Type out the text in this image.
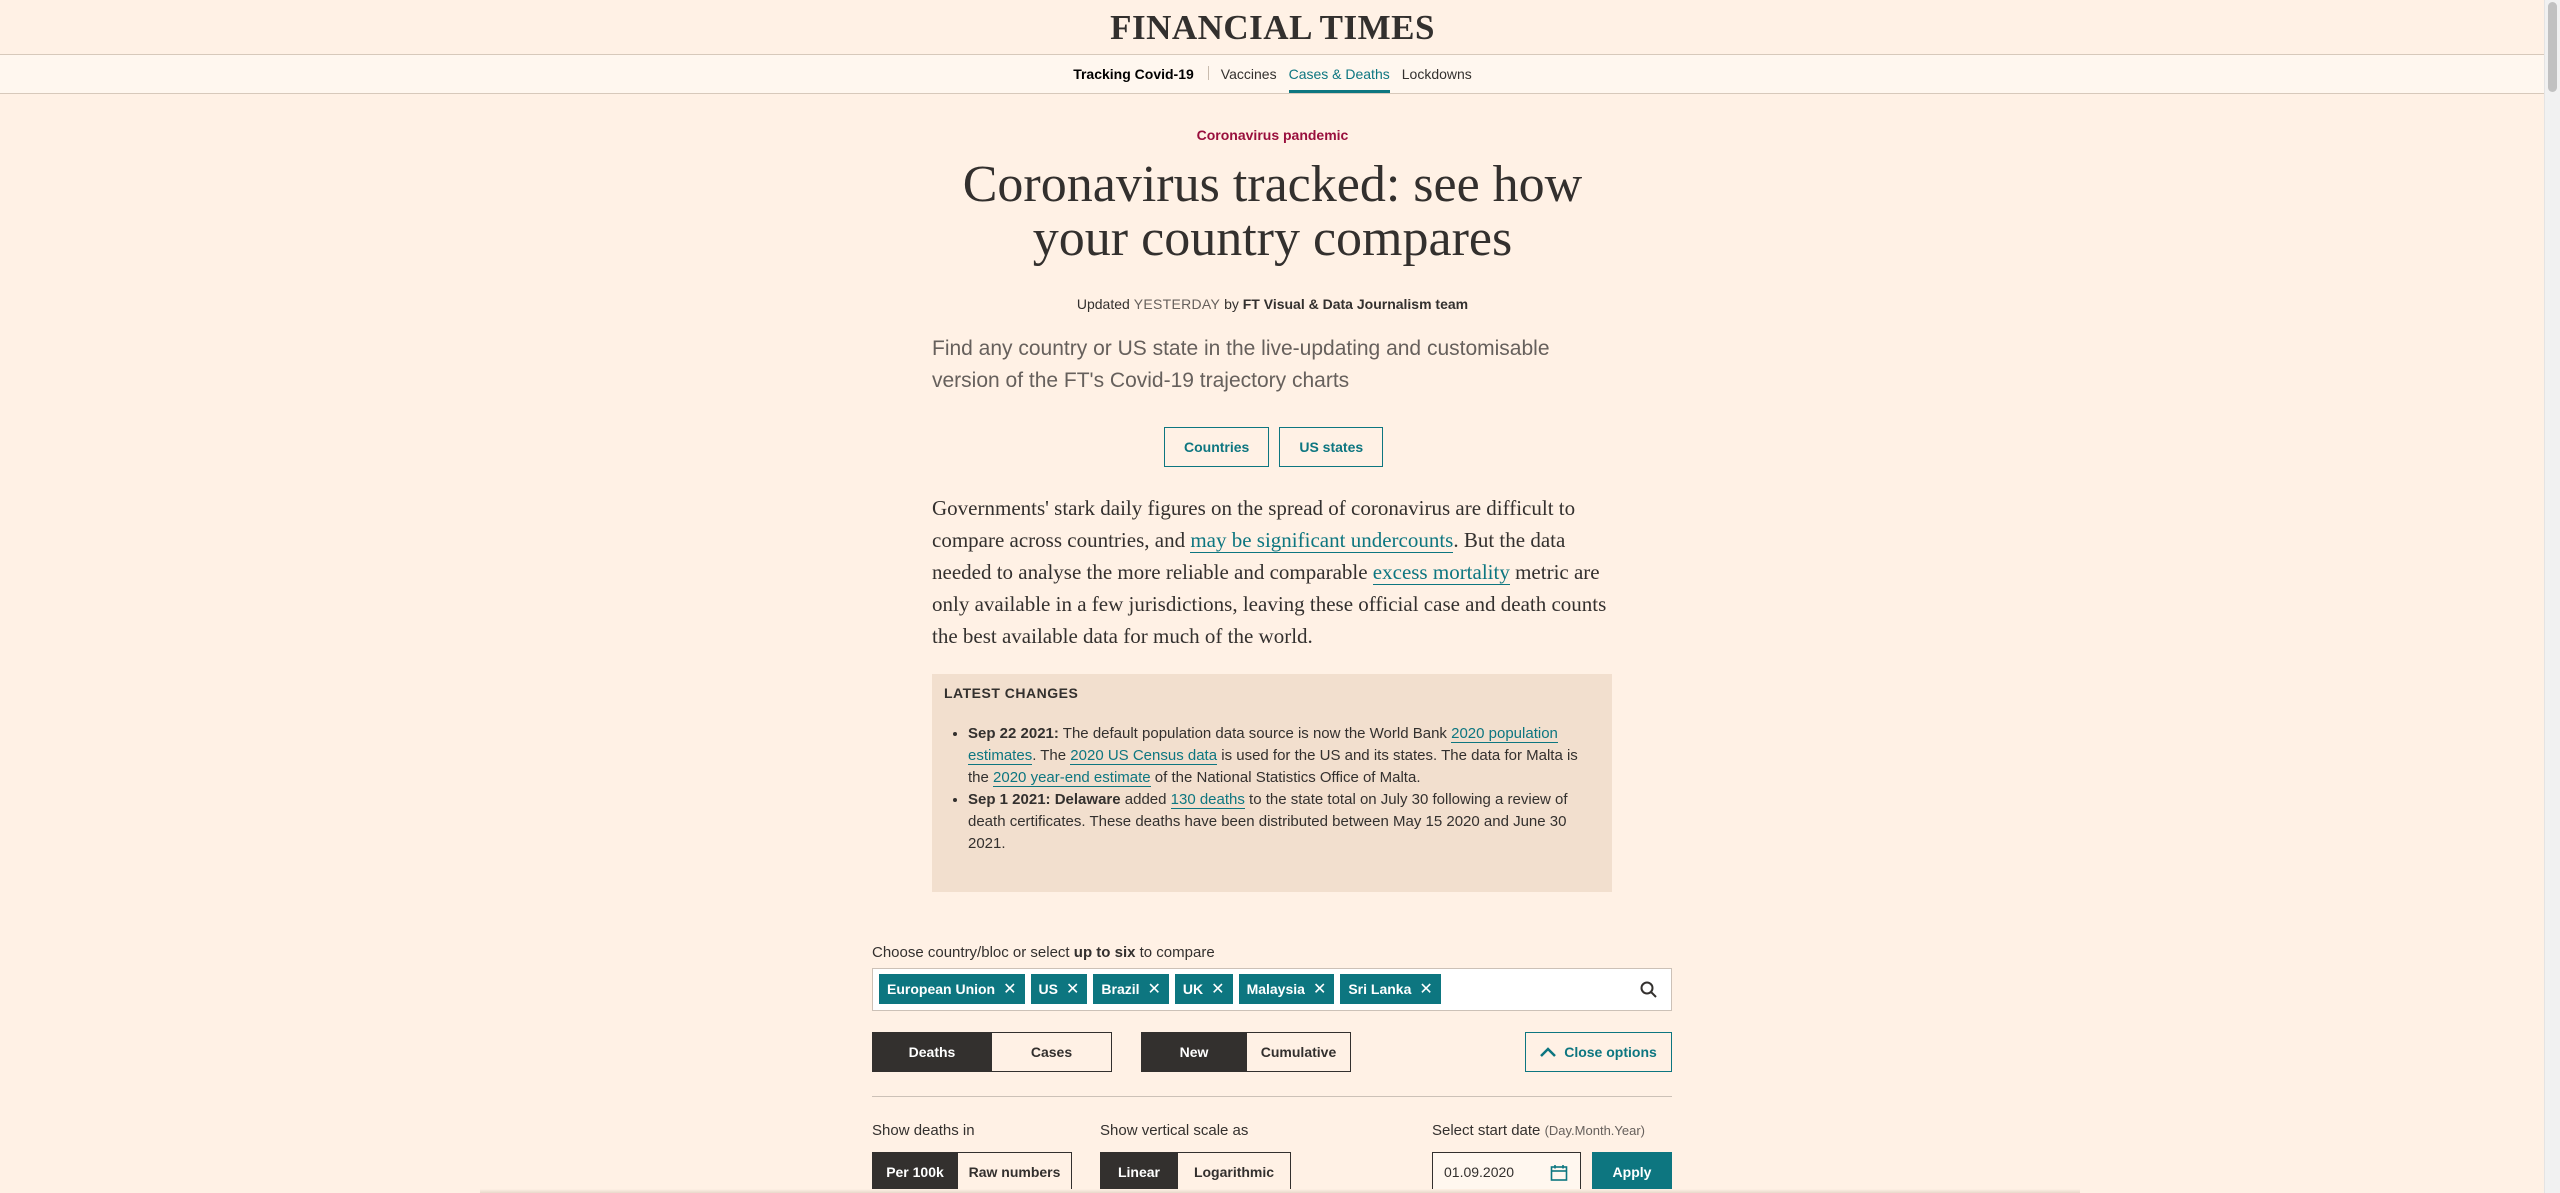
FINANCIAL TIMES
Tracking Covid-19	Vaccines Cases & Deaths Lockdowns
Coronavirus pandemic
Coronavirus tracked: see how your country compares
Updated YESTERDAY by FT Visual & Data Journalism team
Find any country or US state in the live-updating and customisable version of the FT's Covid-19 trajectory charts
Countries	US states
Governments' stark daily figures on the spread of coronavirus are difficult to compare across countries, and may be significant undercounts. But the data needed to analyse the more reliable and comparable excess mortality metric are only available in a few jurisdictions, leaving these official case and death counts the best available data for much of the world.
LATEST CHANGES
• Sep 22 2021: The default population data source is now the World Bank 2020 population estimates. The 2020 US Census data is used for the US and its states. The data for Malta is the 2020 year-end estimate of the National Statistics Office of Malta.
• Sep 1 2021: Delaware added 130 deaths to the state total on July 30 following a review of death certificates. These deaths have been distributed between May 15 2020 and June 30 2021.
Choose country/bloc or select up to six to compare
European Union ✕ US ✕ Brazil ✕ UK ✕ Malaysia ✕ Sri Lanka ✕
Deaths	Cases	New	Cumulative	Close options
Show deaths in
Per 100k	Raw numbers
Show vertical scale as
Linear	Logarithmic
Select start date (Day.Month.Year)
01.09.2020	Apply
